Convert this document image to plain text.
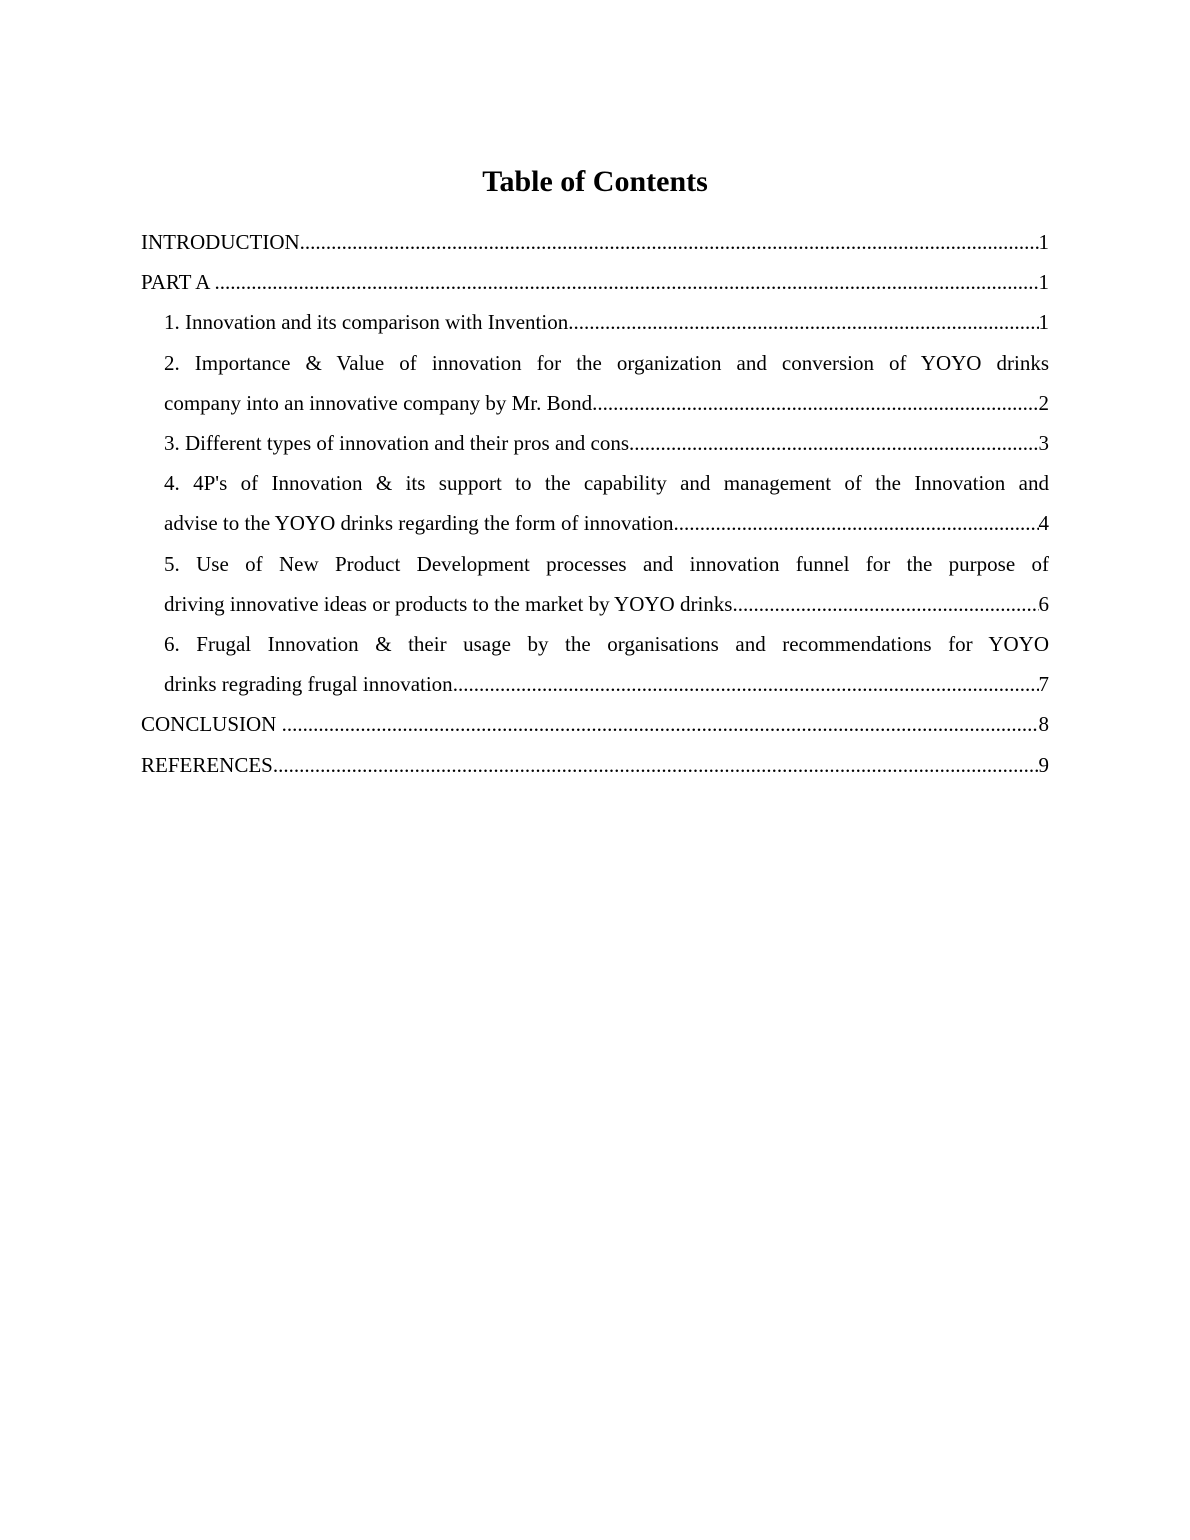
Table of Contents
INTRODUCTION .....	1
PART A .....	1
1. Innovation and its comparison with Invention .....	1
2. Importance & Value of innovation for the organization and conversion of YOYO drinks
company into an innovative company by Mr. Bond .....	2
3. Different types of innovation and their pros and cons .....	3
4. 4P's of Innovation & its support to the capability and management of the Innovation and
advise to the YOYO drinks regarding the form of innovation .....	4
5. Use of New Product Development processes and innovation funnel for the purpose of
driving innovative ideas or products to the market by YOYO drinks .....	6
6. Frugal Innovation & their usage by the organisations and recommendations for YOYO
drinks regrading frugal innovation .....	7
CONCLUSION .....	8
REFERENCES .....	9
